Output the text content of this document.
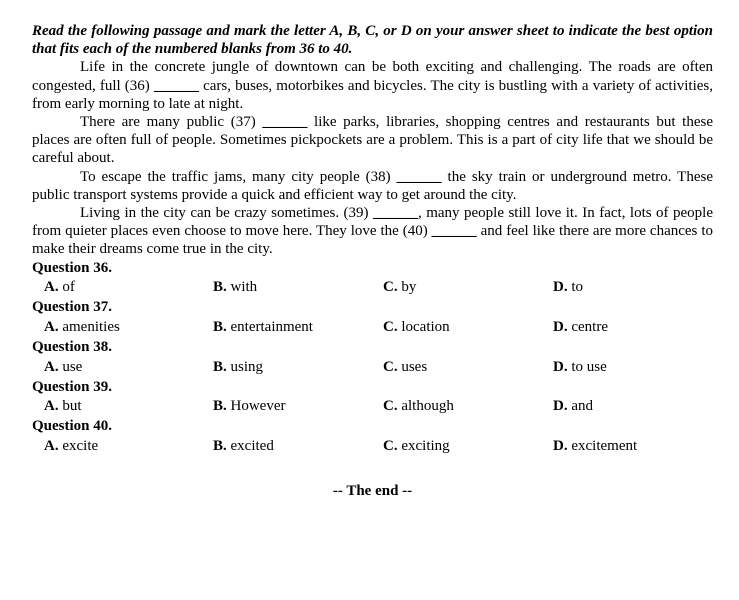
Read the following passage and mark the letter A, B, C, or D on your answer sheet to indicate the best option that fits each of the numbered blanks from 36 to 40.
Life in the concrete jungle of downtown can be both exciting and challenging. The roads are often congested, full (36) ______ cars, buses, motorbikes and bicycles. The city is bustling with a variety of activities, from early morning to late at night.
There are many public (37) ______ like parks, libraries, shopping centres and restaurants but these places are often full of people. Sometimes pickpockets are a problem. This is a part of city life that we should be careful about.
To escape the traffic jams, many city people (38) ______ the sky train or underground metro. These public transport systems provide a quick and efficient way to get around the city.
Living in the city can be crazy sometimes. (39) ______, many people still love it. In fact, lots of people from quieter places even choose to move here. They love the (40) ______ and feel like there are more chances to make their dreams come true in the city.
Question 36.
A. of	B. with	C. by	D. to
Question 37.
A. amenities	B. entertainment	C. location	D. centre
Question 38.
A. use	B. using	C. uses	D. to use
Question 39.
A. but	B. However	C. although	D. and
Question 40.
A. excite	B. excited	C. exciting	D. excitement
-- The end --
